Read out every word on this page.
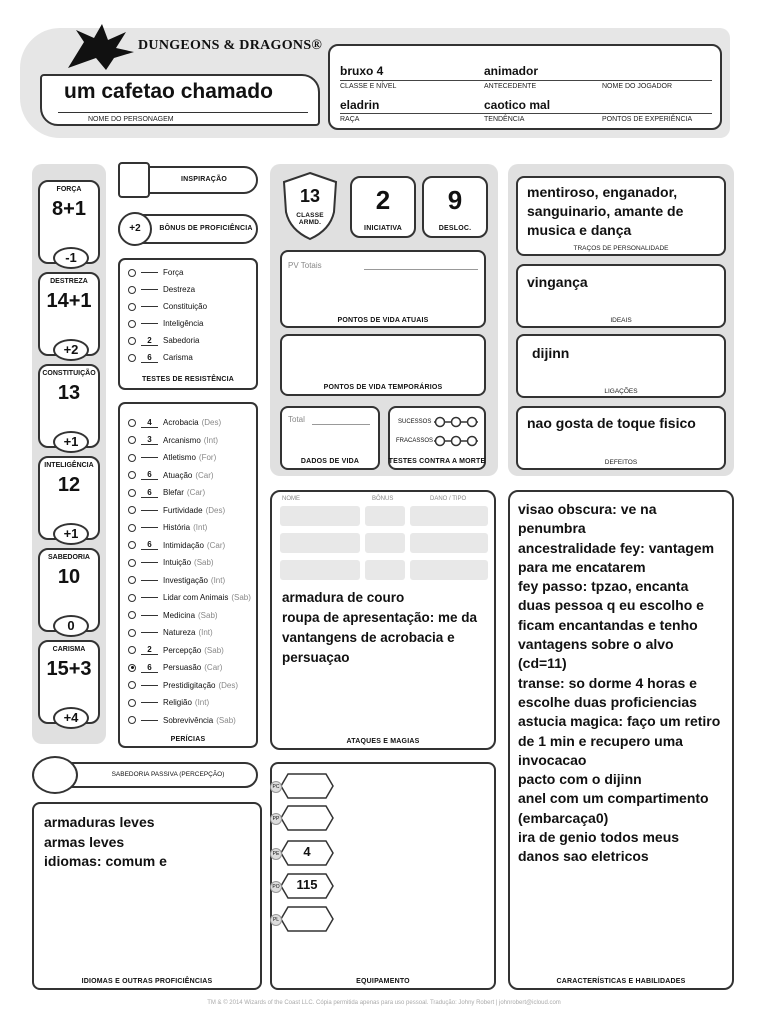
DUNGEONS & DRAGONS®
um cafetao chamado
NOME DO PERSONAGEM
bruxo 4
CLASSE E NÍVEL
animador
ANTECEDENTE	NOME DO JOGADOR
eladrin
RAÇA
caotico mal
TENDÊNCIA	PONTOS DE EXPERIÊNCIA
FORÇA
8+1
-1
DESTREZA
14+1
+2
CONSTITUIÇÃO
13
+1
INTELIGÊNCIA
12
+1
SABEDORIA
10
0
CARISMA
15+3
+4
INSPIRAÇÃO
+2	BÔNUS DE PROFICIÊNCIA
Força
Destreza
Constituição
Inteligência
2	Sabedoria
6	Carisma
TESTES DE RESISTÊNCIA
4	Acrobacia (Des)
3	Arcanismo (Int)
Atletismo (For)
6	Atuação (Car)
6	Blefar (Car)
Furtividade (Des)
História (Int)
6	Intimidação (Car)
Intuição (Sab)
Investigação (Int)
Lidar com Animais (Sab)
Medicina (Sab)
Natureza (Int)
2	Percepção (Sab)
6	Persuasão (Car)
Prestidigitação (Des)
Religião (Int)
Sobrevivência (Sab)
PERÍCIAS
13
CLASSE ARMD.
2
INICIATIVA
9
DESLOC.
PV Totais
PONTOS DE VIDA ATUAIS
PONTOS DE VIDA TEMPORÁRIOS
Total
DADOS DE VIDA
SUCESSOS
FRACASSOS
TESTES CONTRA A MORTE
NOME	BÔNUS	DANO / TIPO
armadura de couro
roupa de apresentação: me da
vantangens de acrobacia e
persuaçao
ATAQUES E MAGIAS
mentiroso, enganador,
sanguinario, amante de
musica e dança
TRAÇOS DE PERSONALIDADE
vingança
IDEAIS
dijinn
LIGAÇÕES
nao gosta de toque fisico
DEFEITOS
visao obscura: ve na
penumbra
ancestralidade fey: vantagem
para me encatarem
fey passo: tpzao, encanta
duas pessoa q eu escolho e
ficam encantandas e tenho
vantagens sobre o alvo
(cd=11)
transe: so dorme 4 horas e
escolhe duas proficiencias
astucia magica: faço um retiro
de 1 min e recupero uma
invocacao
pacto com o dijinn
anel com um compartimento
(embarcaça0)
ira de genio todos meus
danos sao eletricos
CARACTERÍSTICAS E HABILIDADES
SABEDORIA PASSIVA (PERCEPÇÃO)
armaduras leves
armas leves
idiomas: comum e
IDIOMAS E OUTRAS PROFICIÊNCIAS
PC
PP
PE	4
PO	115
PL
EQUIPAMENTO
TM & © 2014 Wizards of the Coast LLC. Cópia permitida apenas para uso pessoal. Tradução: Johny Robert | johnrobert@icloud.com
